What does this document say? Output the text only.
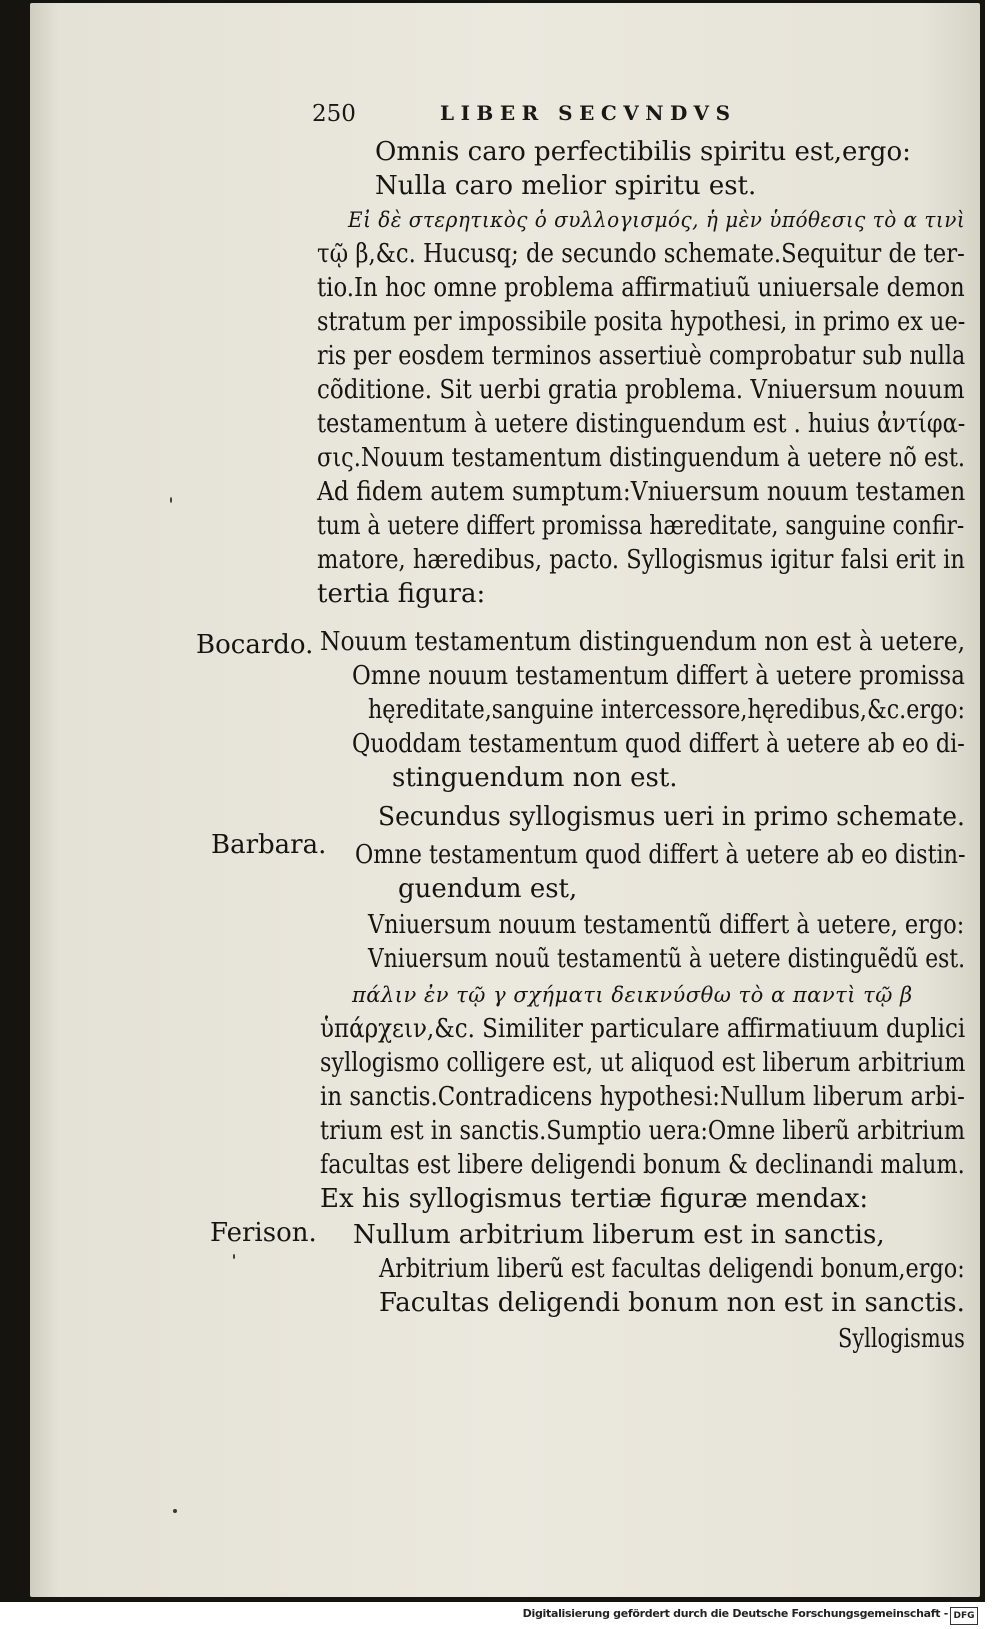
250	LIBER SECVNDVS

Omnis caro perfectibilis spiritu est,ergo:

Nulla caro melior spiritu est.

Εἰ δὲ στερητικὸς ὁ συλλογισμός, ἡ μὲν ὑπόθεσις τὸ α τινὶ

τῷ β,&c. Hucusq; de secundo schemate.Sequitur de ter-

tio.In hoc omne problema affirmatiuũ uniuersale demon

stratum per impossibile posita hypothesi, in primo ex ue-

ris per eosdem terminos assertiuè comprobatur sub nulla

cõditione. Sit uerbi gratia problema. Vniuersum nouum

testamentum à uetere distinguendum est . huius ἀντίφα-

σις.Nouum testamentum distinguendum à uetere nõ est.

Ad fidem autem sumptum:Vniuersum nouum testamen

tum à uetere differt promissa hæreditate, sanguine confir-

matore, hæredibus, pacto. Syllogismus igitur falsi erit in

tertia figura:

Nouum testamentum distinguendum non est à uetere,

Omne nouum testamentum differt à uetere promissa

hęreditate,sanguine intercessore,hęredibus,&c.ergo:

Quoddam testamentum quod differt à uetere ab eo di-

stinguendum non est.

Secundus syllogismus ueri in primo schemate.

Omne testamentum quod differt à uetere ab eo distin-

guendum est,

Vniuersum nouum testamentũ differt à uetere, ergo:

Vniuersum nouũ testamentũ à uetere distinguẽdũ est.

πάλιν ἐν τῷ γ σχήματι δεικνύσθω τὸ α παντὶ τῷ β

ὑπάρχειν,&c. Similiter particulare affirmatiuum duplici

syllogismo colligere est, ut aliquod est liberum arbitrium

in sanctis.Contradicens hypothesi:Nullum liberum arbi-

trium est in sanctis.Sumptio uera:Omne liberũ arbitrium

facultas est libere deligendi bonum & declinandi malum.

Ex his syllogismus tertiæ figuræ mendax:

Nullum arbitrium liberum est in sanctis,

Arbitrium liberũ est facultas deligendi bonum,ergo:

Facultas deligendi bonum non est in sanctis.

Syllogismus

Bocardo.

Barbara.

Ferison.

Digitalisierung gefördert durch die Deutsche Forschungsgemeinschaft - DFG
